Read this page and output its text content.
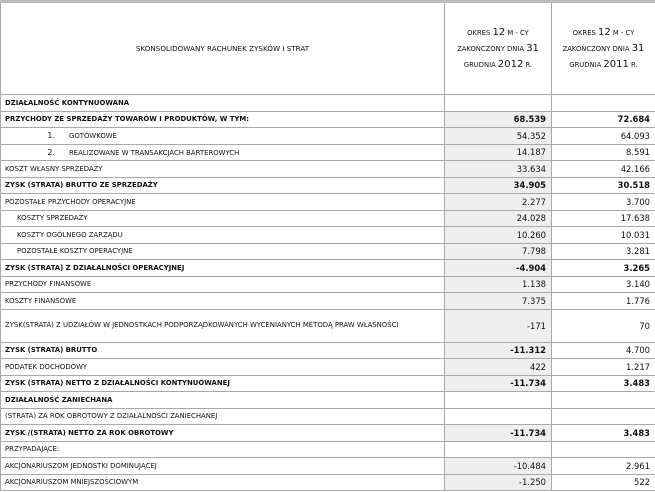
SKONSOLIDOWANY RACHUNEK ZYSKÓW I STRAT	OKRES 12 M - CY
ZAKOŃCZONY DNIA 31
GRUDNIA 2012 R.	OKRES 12 M - CY
ZAKOŃCZONY DNIA 31
GRUDNIA 2011 R.
DZIAŁALNOŚĆ KONTYNUOWANA		
PRZYCHODY ZE SPRZEDAŻY TOWARÓW I PRODUKTÓW, W TYM:	68.539	72.684
1. GOTÓWKOWE	54.352	64.093
2. REALIZOWANE W TRANSAKCJACH BARTEROWYCH	14.187	8.591
KOSZT WŁASNY SPRZEDAŻY	33.634	42.166
ZYSK (STRATA) BRUTTO ZE SPRZEDAŻY	34.905	30.518
POZOSTAŁE PRZYCHODY OPERACYJNE	2.277	3.700
KOSZTY SPRZEDAŻY	24.028	17.638
KOSZTY OGÓLNEGO ZARZĄDU	10.260	10.031
POZOSTAŁE KOSZTY OPERACYJNE	7.798	3.281
ZYSK (STRATA) Z DZIAŁALNOŚCI OPERACYJNEJ	-4.904	3.265
PRZYCHODY FINANSOWE	1.138	3.140
KOSZTY FINANSOWE	7.375	1.776
ZYSK(STRATA) Z UDZIAŁÓW W JEDNOSTKACH PODPORZĄDKOWANYCH WYCENIANYCH METODĄ PRAW WŁASNOŚCI	-171	70
ZYSK (STRATA) BRUTTO	-11.312	4.700
PODATEK DOCHODOWY	422	1.217
ZYSK (STRATA) NETTO Z DZIAŁALNOŚCI KONTYNUOWANEJ	-11.734	3.483
DZIAŁALNOŚĆ ZANIECHANA		
(STRATA) ZA ROK OBROTOWY Z DZIAŁALNOŚCI ZANIECHANEJ		
ZYSK /(STRATA) NETTO ZA ROK OBROTOWY	-11.734	3.483
PRZYPADAJĄCE:		
AKCJONARIUSZOM JEDNOSTKI DOMINUJĄCEJ	-10.484	2.961
AKCJONARIUSZOM MNIEJSZOŚCIOWYM	-1.250	522
